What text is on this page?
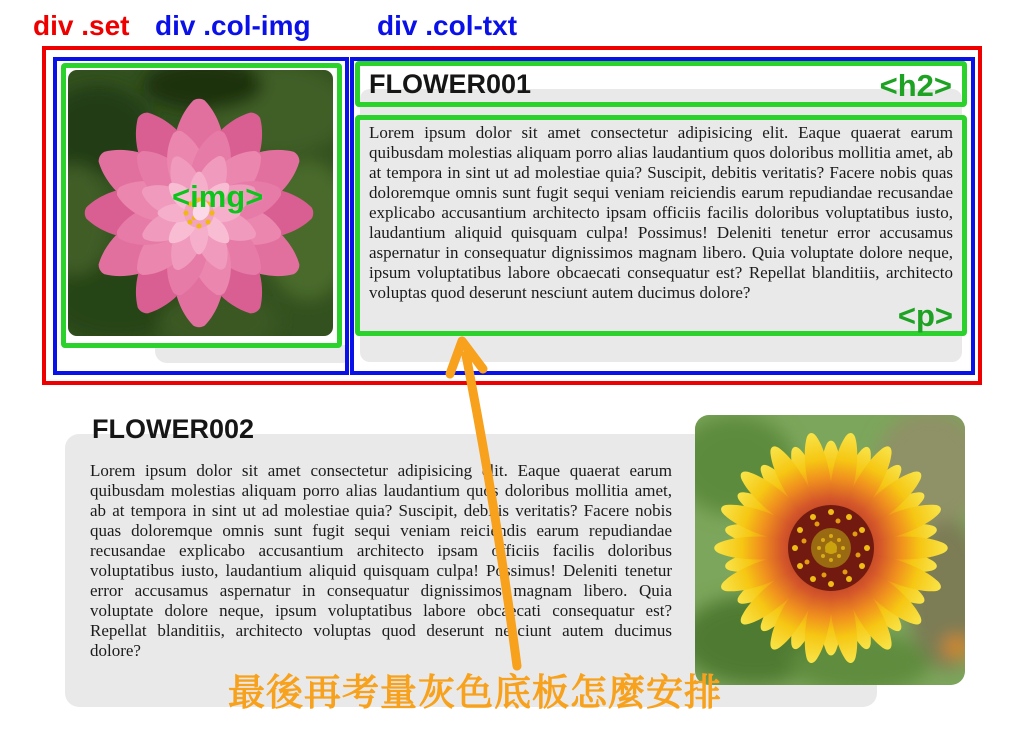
div .set div .col-img div .col-txt
<img>
FLOWER001	<h2>
Lorem ipsum dolor sit amet consectetur adipisicing elit. Eaque quaerat earum quibusdam molestias aliquam porro alias laudantium quos doloribus mollitia amet, ab at tempora in sint ut ad molestiae quia? Suscipit, debitis veritatis? Facere nobis quas doloremque omnis sunt fugit sequi veniam reiciendis earum repudiandae recusandae explicabo accusantium architecto ipsam officiis facilis doloribus voluptatibus iusto, laudantium aliquid quisquam culpa! Possimus! Deleniti tenetur error accusamus aspernatur in consequatur dignissimos magnam libero. Quia voluptate dolore neque, ipsum voluptatibus labore obcaecati consequatur est? Repellat blanditiis, architecto voluptas quod deserunt nesciunt autem ducimus dolore?
<p>
FLOWER002
Lorem ipsum dolor sit amet consectetur adipisicing elit. Eaque quaerat earum quibusdam molestias aliquam porro alias laudantium quos doloribus mollitia amet, ab at tempora in sint ut ad molestiae quia? Suscipit, debitis veritatis? Facere nobis quas doloremque omnis sunt fugit sequi veniam reiciendis earum repudiandae recusandae explicabo accusantium architecto ipsam officiis facilis doloribus voluptatibus iusto, laudantium aliquid quisquam culpa! Possimus! Deleniti tenetur error accusamus aspernatur in consequatur dignissimos magnam libero. Quia voluptate dolore neque, ipsum voluptatibus labore obcaecati consequatur est? Repellat blanditiis, architecto voluptas quod deserunt nesciunt autem ducimus dolore?
最後再考量灰色底板怎麼安排
